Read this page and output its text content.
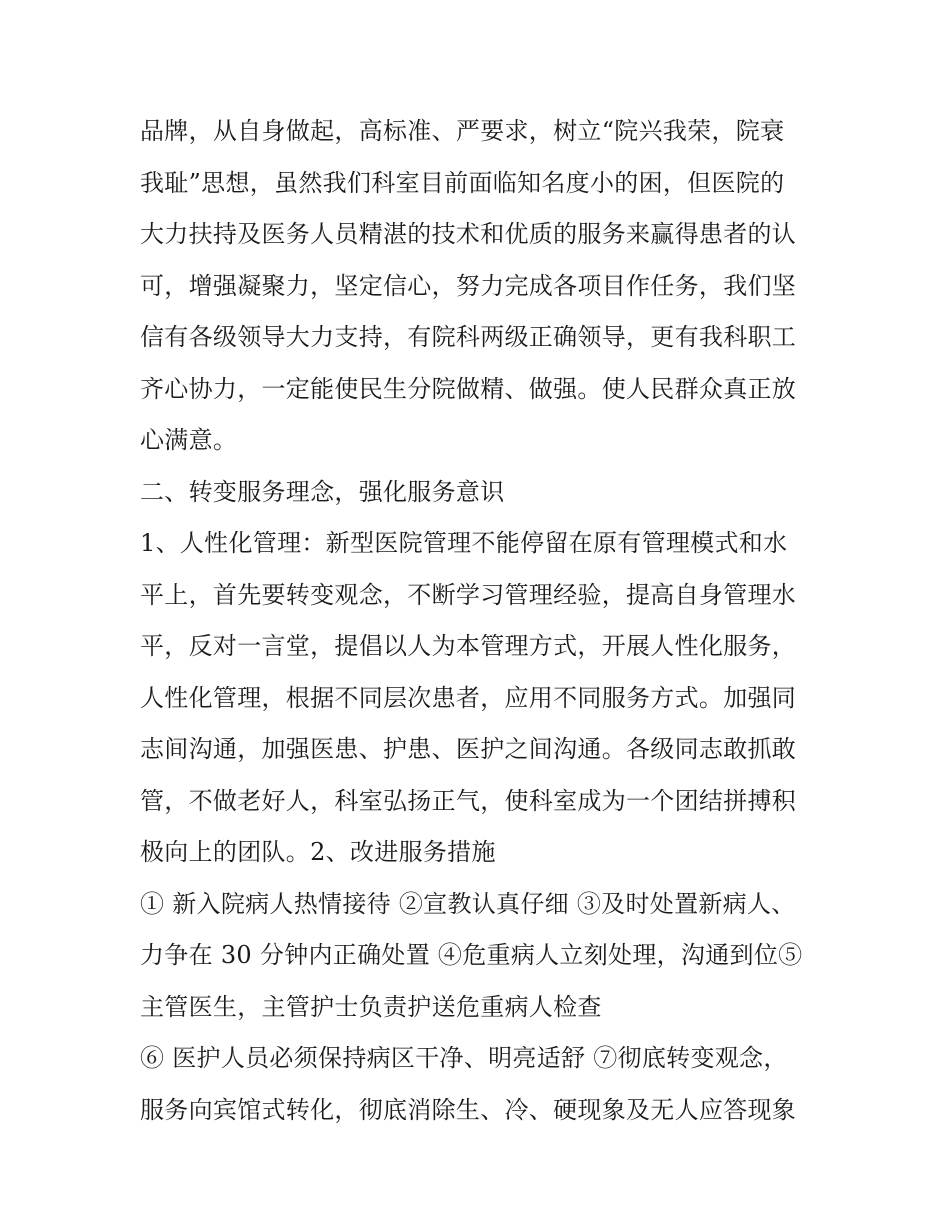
品牌，从自身做起，高标准、严要求，树立“院兴我荣，院衰
我耻”思想，虽然我们科室目前面临知名度小的困，但医院的
大力扶持及医务人员精湛的技术和优质的服务来赢得患者的认
可，增强凝聚力，坚定信心，努力完成各项目作任务，我们坚
信有各级领导大力支持，有院科两级正确领导，更有我科职工
齐心协力，一定能使民生分院做精、做强。使人民群众真正放
心满意。
二、转变服务理念，强化服务意识
1、人性化管理：新型医院管理不能停留在原有管理模式和水
平上，首先要转变观念，不断学习管理经验，提高自身管理水
平，反对一言堂，提倡以人为本管理方式，开展人性化服务，
人性化管理，根据不同层次患者，应用不同服务方式。加强同
志间沟通，加强医患、护患、医护之间沟通。各级同志敢抓敢
管，不做老好人，科室弘扬正气，使科室成为一个团结拼搏积
极向上的团队。2、改进服务措施
① 新入院病人热情接待 ②宣教认真仔细 ③及时处置新病人、
力争在 30 分钟内正确处置 ④危重病人立刻处理，沟通到位⑤
主管医生，主管护士负责护送危重病人检查
⑥ 医护人员必须保持病区干净、明亮适舒 ⑦彻底转变观念，
服务向宾馆式转化，彻底消除生、冷、硬现象及无人应答现象
